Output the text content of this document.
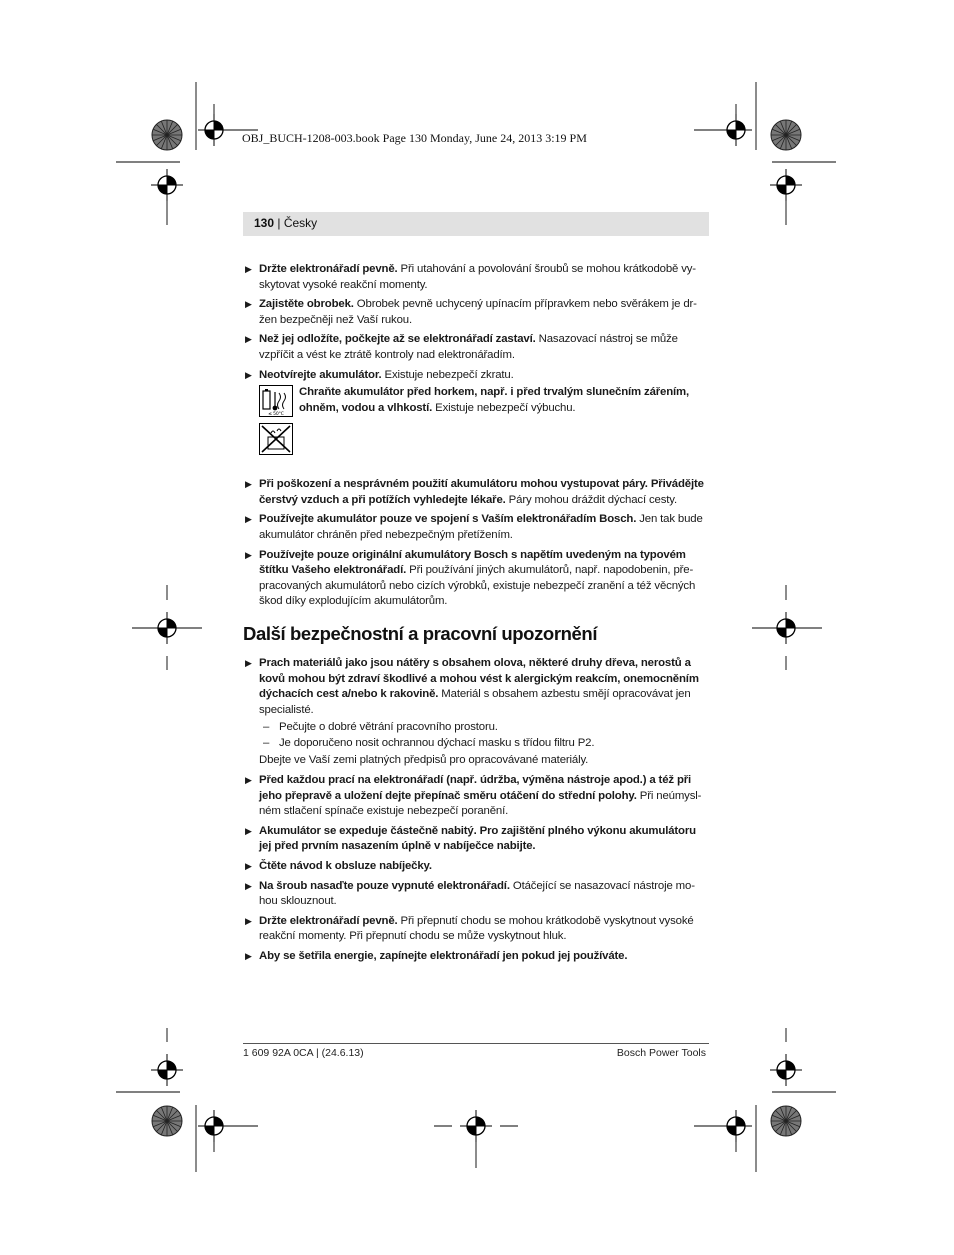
OBJ_BUCH-1208-003.book Page 130 Monday, June 24, 2013 3:19 PM
130 | Česky
▶ Držte elektronářadí pevně. Při utahování a povolování šroubů se mohou krátkodobě vy-skytovat vysoké reakční momenty.
▶ Zajistěte obrobek. Obrobek pevně uchycený upínacím přípravkem nebo svěrákem je dr-žen bezpečněji než Vaší rukou.
▶ Než jej odložíte, počkejte až se elektronářadí zastaví. Nasazovací nástroj se může vzpříčit a vést ke ztrátě kontroly nad elektronářadím.
▶ Neotvírejte akumulátor. Existuje nebezpečí zkratu.
≤ 50°C
Chraňte akumulátor před horkem, např. i před trvalým slunečním zářením, ohněm, vodou a vlhkostí. Existuje nebezpečí výbuchu.
▶ Při poškození a nesprávném použití akumulátoru mohou vystupovat páry. Přivádějte čerstvý vzduch a při potížích vyhledejte lékaře. Páry mohou dráždit dýchací cesty.
▶ Používejte akumulátor pouze ve spojení s Vaším elektronářadím Bosch. Jen tak bude akumulátor chráněn před nebezpečným přetížením.
▶ Používejte pouze originální akumulátory Bosch s napětím uvedeným na typovém štítku Vašeho elektronářadí. Při používání jiných akumulátorů, např. napodobenin, pře-pracovaných akumulátorů nebo cizích výrobků, existuje nebezpečí zranění a též věcných škod díky explodujícím akumulátorům.
Další bezpečnostní a pracovní upozornění
▶ Prach materiálů jako jsou nátěry s obsahem olova, některé druhy dřeva, nerostů a kovů mohou být zdraví škodlivé a mohou vést k alergickým reakcím, onemocněním dýchacích cest a/nebo k rakovině. Materiál s obsahem azbestu smějí opracovávat jen specialisté.
– Pečujte o dobré větrání pracovního prostoru.
– Je doporučeno nosit ochrannou dýchací masku s třídou filtru P2.
Dbejte ve Vaší zemi platných předpisů pro opracovávané materiály.
▶ Před každou prací na elektronářadí (např. údržba, výměna nástroje apod.) a též při jeho přepravě a uložení dejte přepínač směru otáčení do střední polohy. Při neúmysl-ném stlačení spínače existuje nebezpečí poranění.
▶ Akumulátor se expeduje částečně nabitý. Pro zajištění plného výkonu akumulátoru jej před prvním nasazením úplně v nabíječce nabijte.
▶ Čtěte návod k obsluze nabíječky.
▶ Na šroub nasaďte pouze vypnuté elektronářadí. Otáčející se nasazovací nástroje mo-hou sklouznout.
▶ Držte elektronářadí pevně. Při přepnutí chodu se mohou krátkodobě vyskytnout vysoké reakční momenty. Při přepnutí chodu se může vyskytnout hluk.
▶ Aby se šetřila energie, zapínejte elektronářadí jen pokud jej používáte.
1 609 92A 0CA | (24.6.13)	Bosch Power Tools
